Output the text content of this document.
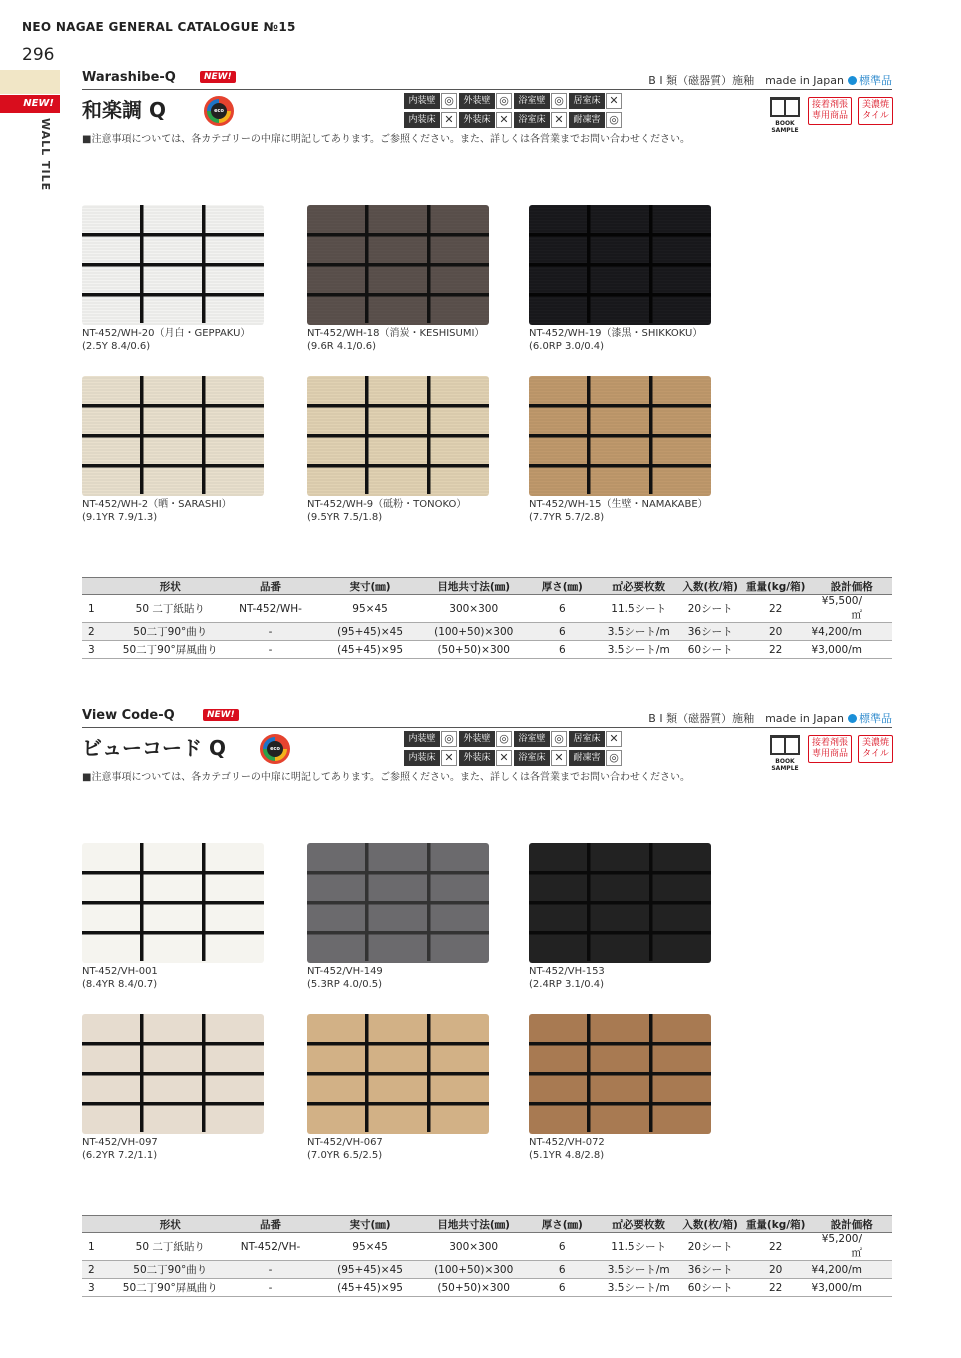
NEO NAGAE GENERAL CATALOGUE №15
296
NEW!
WALL TILE
Warashibe-Q	NEW!	B I 類（磁器質）施釉　 made in Japan 標準品
和楽調 Q	eco
内装壁 ◎	外装壁 ◎	浴室壁 ◎	居室床 ✕
内装床 ✕	外装床 ✕	浴室床 ✕	耐凍害 ◎	BOOK SAMPLE
接着剤張
専用商品
美濃焼
タイル
■注意事項については、各カテゴリーの中扉に明記してあります。ご参照ください。また、詳しくは各営業までお問い合わせください。
NT-452/WH-20（月白・GEPPAKU）
(2.5Y 8.4/0.6)
NT-452/WH-18（消炭・KESHISUMI）
(9.6R 4.1/0.6)
NT-452/WH-19（漆黒・SHIKKOKU）
(6.0RP 3.0/0.4)
NT-452/WH-2（晒・SARASHI）
(9.1YR 7.9/1.3)
NT-452/WH-9（砥粉・TONOKO）
(9.5YR 7.5/1.8)
NT-452/WH-15（生壁・NAMAKABE）
(7.7YR 5.7/2.8)
	形状	品番	実寸(㎜)	目地共寸法(㎜)	厚さ(㎜)	㎡必要枚数	入数(枚/箱)	重量(kg/箱)	設計価格
1	50 二丁紙貼り	NT-452/WH-	95×45	300×300	6	11.5シート	20シート	22	¥5,500/㎡
2	50二丁90°曲り	-	(95+45)×45	(100+50)×300	6	3.5シート/m	36シート	20	¥4,200/m
3	50二丁90°屏風曲り	-	(45+45)×95	(50+50)×300	6	3.5シート/m	60シート	22	¥3,000/m
View Code-Q	NEW!	B I 類（磁器質）施釉　 made in Japan 標準品
ビューコード Q	eco
内装壁 ◎	外装壁 ◎	浴室壁 ◎	居室床 ✕
内装床 ✕	外装床 ✕	浴室床 ✕	耐凍害 ◎	BOOK SAMPLE
接着剤張
専用商品
美濃焼
タイル
■注意事項については、各カテゴリーの中扉に明記してあります。ご参照ください。また、詳しくは各営業までお問い合わせください。
NT-452/VH-001
(8.4YR 8.4/0.7)
NT-452/VH-149
(5.3RP 4.0/0.5)
NT-452/VH-153
(2.4RP 3.1/0.4)
NT-452/VH-097
(6.2YR 7.2/1.1)
NT-452/VH-067
(7.0YR 6.5/2.5)
NT-452/VH-072
(5.1YR 4.8/2.8)
	形状	品番	実寸(㎜)	目地共寸法(㎜)	厚さ(㎜)	㎡必要枚数	入数(枚/箱)	重量(kg/箱)	設計価格
1	50 二丁紙貼り	NT-452/VH-	95×45	300×300	6	11.5シート	20シート	22	¥5,200/㎡
2	50二丁90°曲り	-	(95+45)×45	(100+50)×300	6	3.5シート/m	36シート	20	¥4,200/m
3	50二丁90°屏風曲り	-	(45+45)×95	(50+50)×300	6	3.5シート/m	60シート	22	¥3,000/m
